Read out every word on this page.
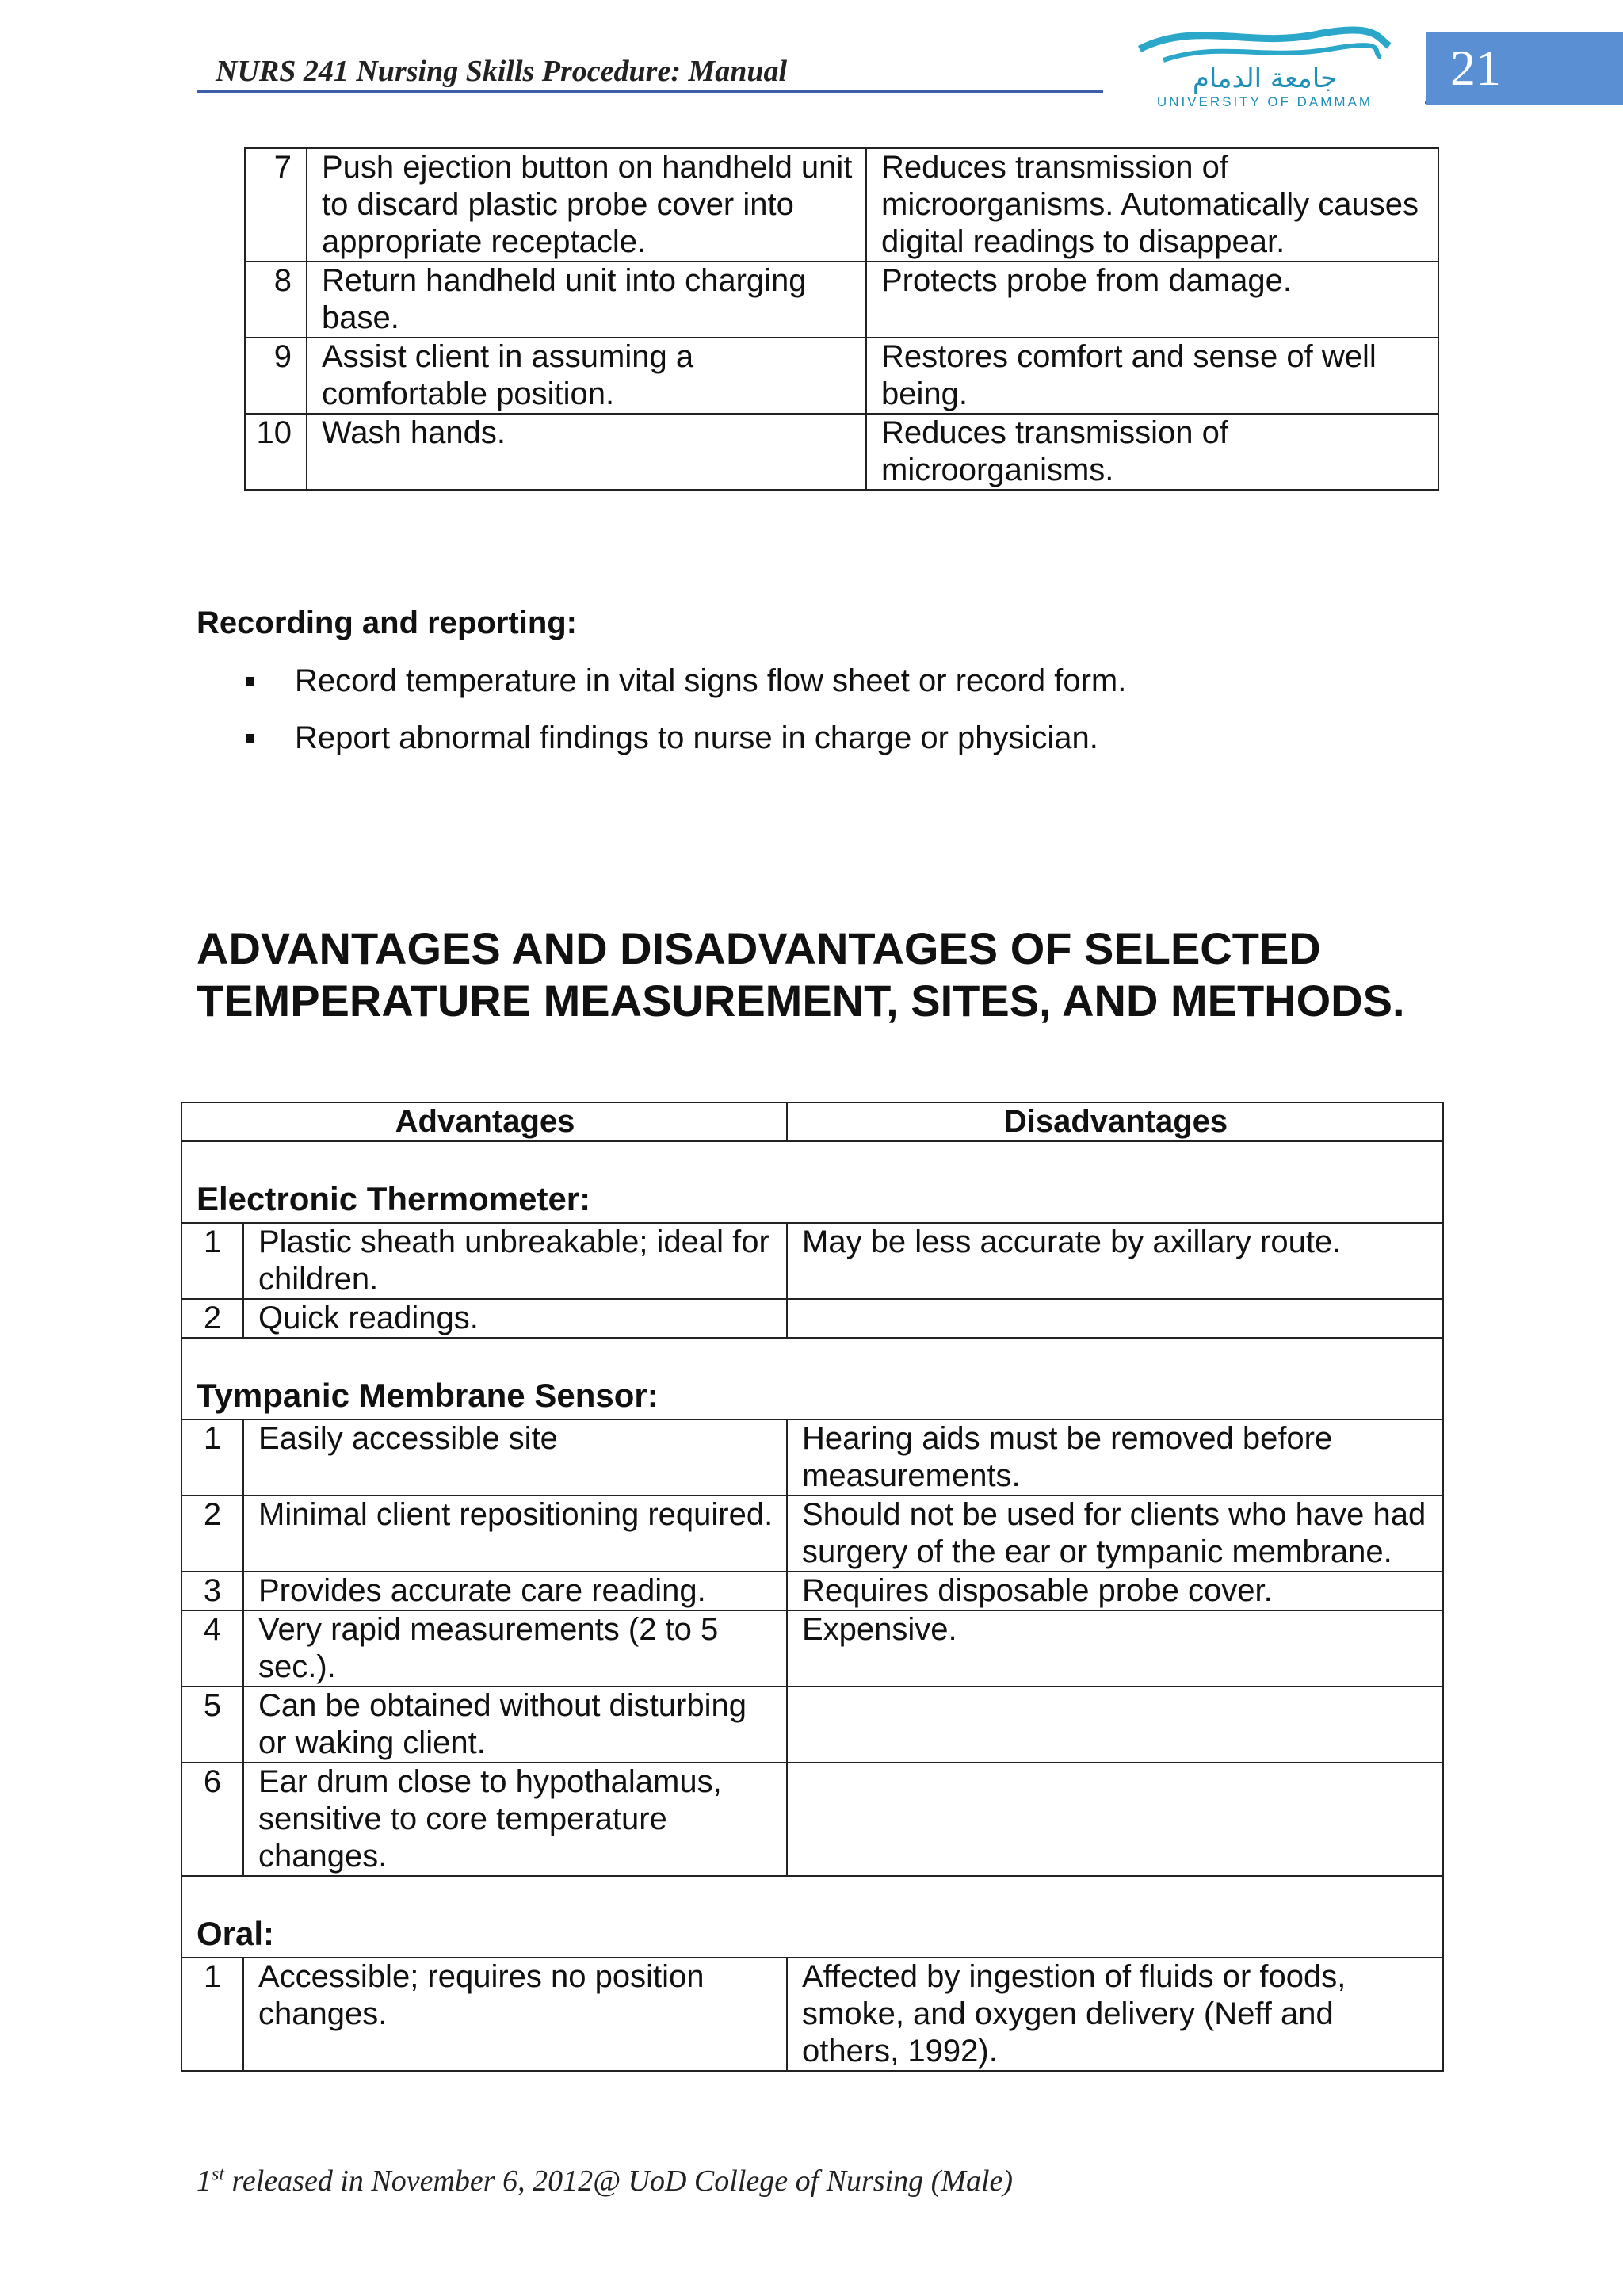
NURS 241 Nursing Skills Procedure: Manual	جامعة الدمام
UNIVERSITY OF DAMMAM
21
7	Push ejection button on handheld unit to discard plastic probe cover into appropriate receptacle.	Reduces transmission of microorganisms. Automatically causes digital readings to disappear.
8	Return handheld unit into charging base.	Protects probe from damage.
9	Assist client in assuming a comfortable position.	Restores comfort and sense of well being.
10	Wash hands.	Reduces transmission of microorganisms.
Recording and reporting:
Record temperature in vital signs flow sheet or record form.
Report abnormal findings to nurse in charge or physician.
ADVANTAGES AND DISADVANTAGES OF SELECTED TEMPERATURE MEASUREMENT, SITES, AND METHODS.
Advantages		Disadvantages
Electronic Thermometer:		
1	Plastic sheath unbreakable; ideal for children.	May be less accurate by axillary route.
2	Quick readings.	
Tympanic Membrane Sensor:		
1	Easily accessible site	Hearing aids must be removed before measurements.
2	Minimal client repositioning required.	Should not be used for clients who have had surgery of the ear or tympanic membrane.
3	Provides accurate care reading.	Requires disposable probe cover.
4	Very rapid measurements (2 to 5 sec.).	Expensive.
5	Can be obtained without disturbing or waking client.	
6	Ear drum close to hypothalamus, sensitive to core temperature changes.	
Oral:		
1	Accessible; requires no position changes.	Affected by ingestion of fluids or foods, smoke, and oxygen delivery (Neff and others, 1992).
1st released in November 6, 2012@ UoD College of Nursing (Male)
